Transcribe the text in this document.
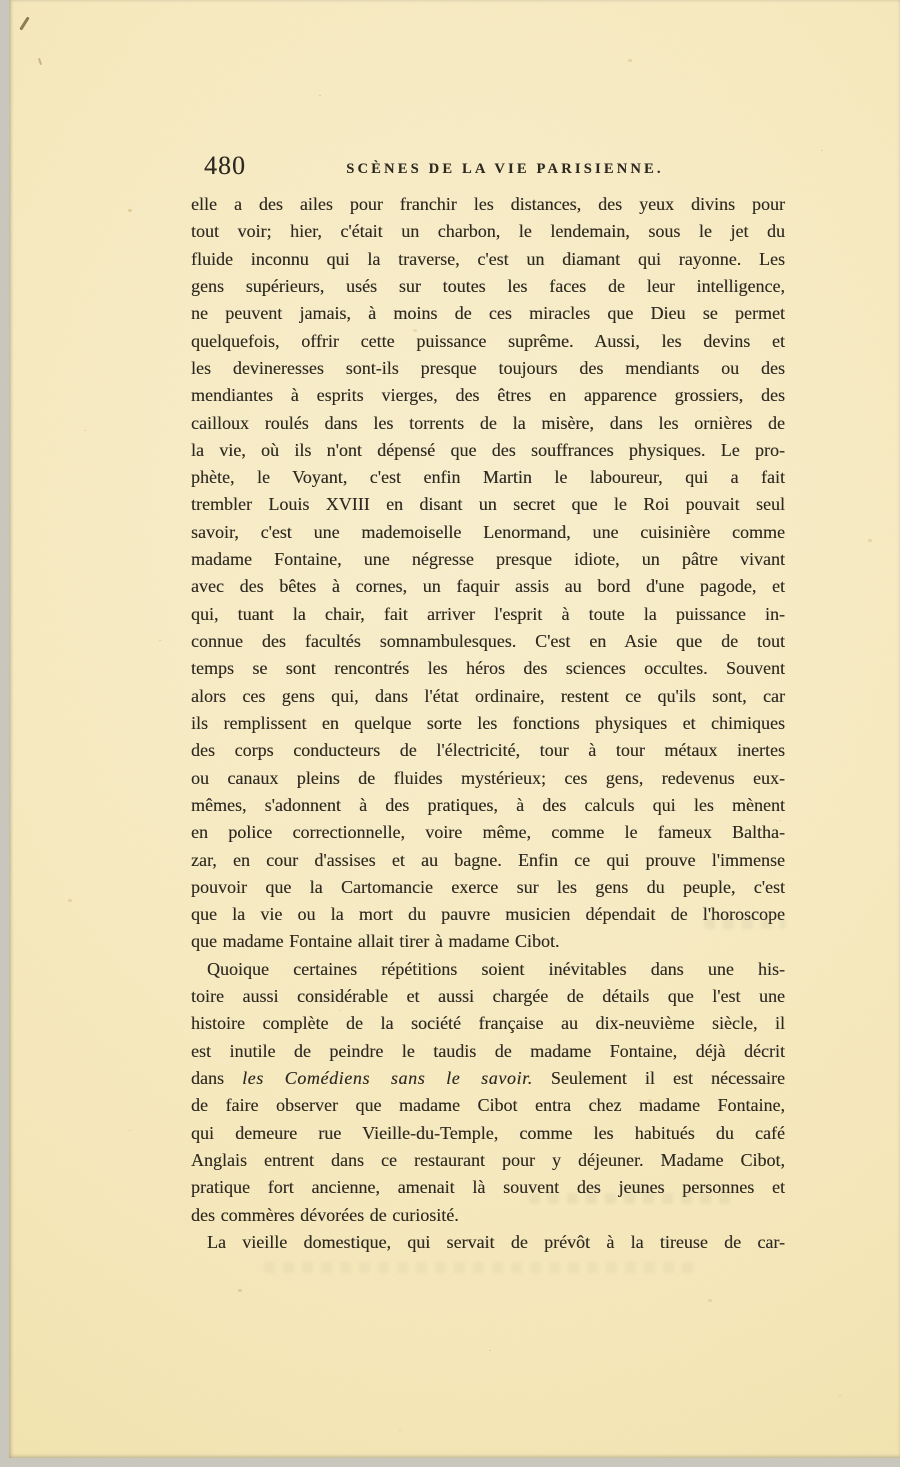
480	SCÈNES DE LA VIE PARISIENNE.
elle a des ailes pour franchir les distances, des yeux divins pour
tout voir; hier, c'était un charbon, le lendemain, sous le jet du
fluide inconnu qui la traverse, c'est un diamant qui rayonne. Les
gens supérieurs, usés sur toutes les faces de leur intelligence,
ne peuvent jamais, à moins de ces miracles que Dieu se permet
quelquefois, offrir cette puissance suprême. Aussi, les devins et
les devineresses sont-ils presque toujours des mendiants ou des
mendiantes à esprits vierges, des êtres en apparence grossiers, des
cailloux roulés dans les torrents de la misère, dans les ornières de
la vie, où ils n'ont dépensé que des souffrances physiques. Le pro-
phète, le Voyant, c'est enfin Martin le laboureur, qui a fait
trembler Louis XVIII en disant un secret que le Roi pouvait seul
savoir, c'est une mademoiselle Lenormand, une cuisinière comme
madame Fontaine, une négresse presque idiote, un pâtre vivant
avec des bêtes à cornes, un faquir assis au bord d'une pagode, et
qui, tuant la chair, fait arriver l'esprit à toute la puissance in-
connue des facultés somnambulesques. C'est en Asie que de tout
temps se sont rencontrés les héros des sciences occultes. Souvent
alors ces gens qui, dans l'état ordinaire, restent ce qu'ils sont, car
ils remplissent en quelque sorte les fonctions physiques et chimiques
des corps conducteurs de l'électricité, tour à tour métaux inertes
ou canaux pleins de fluides mystérieux; ces gens, redevenus eux-
mêmes, s'adonnent à des pratiques, à des calculs qui les mènent
en police correctionnelle, voire même, comme le fameux Baltha-
zar, en cour d'assises et au bagne. Enfin ce qui prouve l'immense
pouvoir que la Cartomancie exerce sur les gens du peuple, c'est
que la vie ou la mort du pauvre musicien dépendait de l'horoscope
que madame Fontaine allait tirer à madame Cibot.
Quoique certaines répétitions soient inévitables dans une his-
toire aussi considérable et aussi chargée de détails que l'est une
histoire complète de la société française au dix-neuvième siècle, il
est inutile de peindre le taudis de madame Fontaine, déjà décrit
dans les Comédiens sans le savoir. Seulement il est nécessaire
de faire observer que madame Cibot entra chez madame Fontaine,
qui demeure rue Vieille-du-Temple, comme les habitués du café
Anglais entrent dans ce restaurant pour y déjeuner. Madame Cibot,
pratique fort ancienne, amenait là souvent des jeunes personnes et
des commères dévorées de curiosité.
La vieille domestique, qui servait de prévôt à la tireuse de car-
